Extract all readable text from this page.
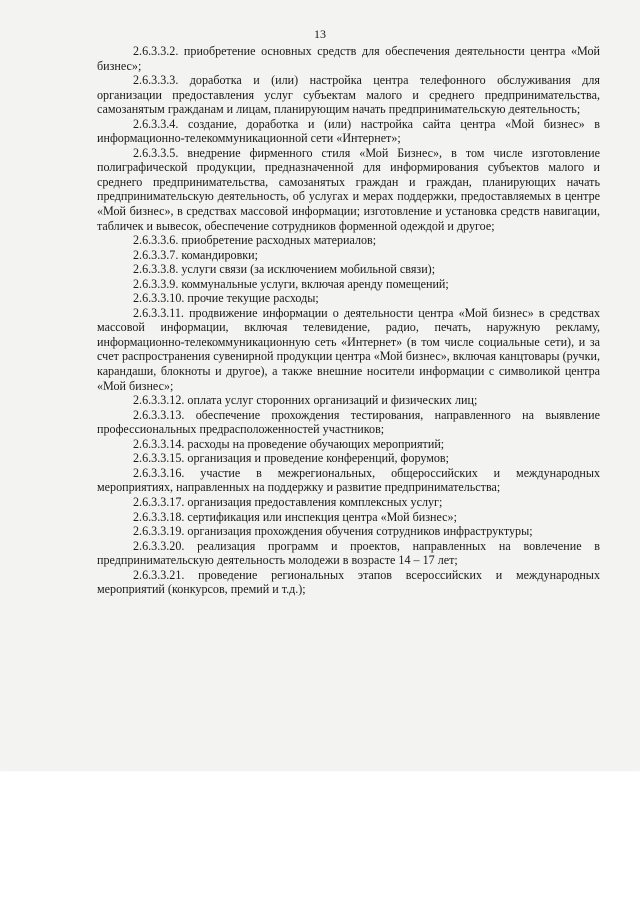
13

2.6.3.3.2. приобретение основных средств для обеспечения деятельности центра «Мой бизнес»;

2.6.3.3.3. доработка и (или) настройка центра телефонного обслуживания для организации предоставления услуг субъектам малого и среднего предпринимательства, самозанятым гражданам и лицам, планирующим начать предпринимательскую деятельность;

2.6.3.3.4. создание, доработка и (или) настройка сайта центра «Мой бизнес» в информационно-телекоммуникационной сети «Интернет»;

2.6.3.3.5. внедрение фирменного стиля «Мой Бизнес», в том числе изготовление полиграфической продукции, предназначенной для информирования субъектов малого и среднего предпринимательства, самозанятых граждан и граждан, планирующих начать предпринимательскую деятельность, об услугах и мерах поддержки, предоставляемых в центре «Мой бизнес», в средствах массовой информации; изготовление и установка средств навигации, табличек и вывесок, обеспечение сотрудников форменной одеждой и другое;

2.6.3.3.6. приобретение расходных материалов;

2.6.3.3.7. командировки;

2.6.3.3.8. услуги связи (за исключением мобильной связи);

2.6.3.3.9. коммунальные услуги, включая аренду помещений;

2.6.3.3.10. прочие текущие расходы;

2.6.3.3.11. продвижение информации о деятельности центра «Мой бизнес» в средствах массовой информации, включая телевидение, радио, печать, наружную рекламу, информационно-телекоммуникационную сеть «Интернет» (в том числе социальные сети), и за счет распространения сувенирной продукции центра «Мой бизнес», включая канцтовары (ручки, карандаши, блокноты и другое), а также внешние носители информации с символикой центра «Мой бизнес»;

2.6.3.3.12. оплата услуг сторонних организаций и физических лиц;

2.6.3.3.13. обеспечение прохождения тестирования, направленного на выявление профессиональных предрасположенностей участников;

2.6.3.3.14. расходы на проведение обучающих мероприятий;

2.6.3.3.15. организация и проведение конференций, форумов;

2.6.3.3.16. участие в межрегиональных, общероссийских и международных мероприятиях, направленных на поддержку и развитие предпринимательства;

2.6.3.3.17. организация предоставления комплексных услуг;

2.6.3.3.18. сертификация или инспекция центра «Мой бизнес»;

2.6.3.3.19. организация прохождения обучения сотрудников инфраструктуры;

2.6.3.3.20. реализация программ и проектов, направленных на вовлечение в предпринимательскую деятельность молодежи в возрасте 14 – 17 лет;

2.6.3.3.21. проведение региональных этапов всероссийских и международных мероприятий (конкурсов, премий и т.д.);
